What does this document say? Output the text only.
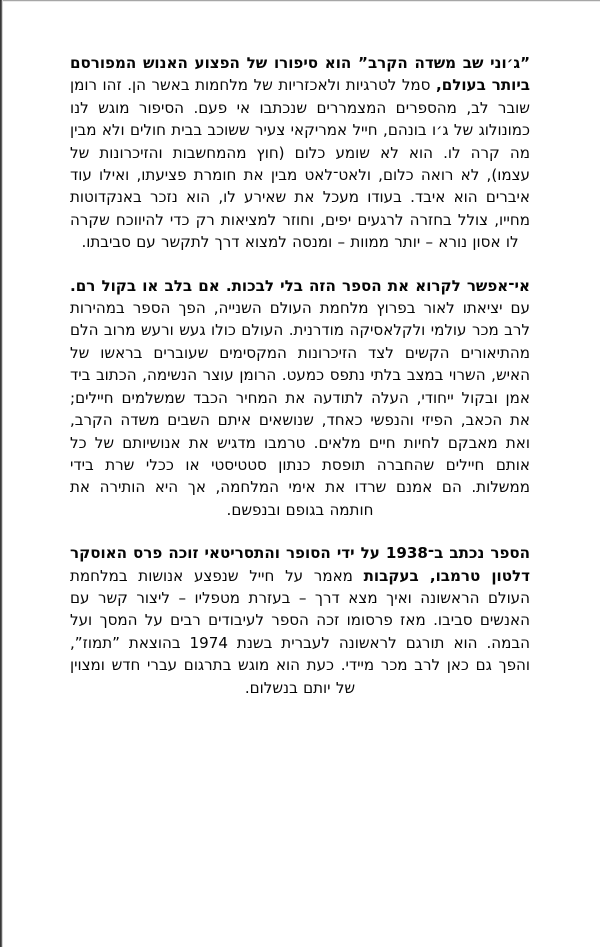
”ג׳וני שב משדה הקרב” הוא סיפורו של הפצוע האנוש המפורסם ביותר בעולם, סמל לטרגיות ולאכזריות של מלחמות באשר הן. זהו רומן שובר לב, מהספרים המצמררים שנכתבו אי פעם. הסיפור מוגש לנו כמונולוג של ג׳ו בונהם, חייל אמריקאי צעיר ששוכב בבית חולים ולא מבין מה קרה לו. הוא לא שומע כלום (חוץ מהמחשבות והזיכרונות של עצמו), לא רואה כלום, ולאט־לאט מבין את חומרת פציעתו, ואילו עוד איברים הוא איבד. בעודו מעכל את שאירע לו, הוא נזכר באנקדוטות מחייו, צולל בחזרה לרגעים יפים, וחוזר למציאות רק כדי להיווכח שקרה לו אסון נורא – יותר ממוות – ומנסה למצוא דרך לתקשר עם סביבתו.

אי־אפשר לקרוא את הספר הזה בלי לבכות. אם בלב או בקול רם. עם יציאתו לאור בפרוץ מלחמת העולם השנייה, הפך הספר במהירות לרב מכר עולמי ולקלאסיקה מודרנית. העולם כולו געש ורעש מרוב הלם מהתיאורים הקשים לצד הזיכרונות המקסימים שעוברים בראשו של האיש, השרוי במצב בלתי נתפס כמעט. הרומן עוצר הנשימה, הכתוב ביד אמן ובקול ייחודי, העלה לתודעה את המחיר הכבד שמשלמים חיילים; את הכאב, הפיזי והנפשי כאחד, שנושאים איתם השבים משדה הקרב, ואת מאבקם לחיות חיים מלאים. טרמבו מדגיש את אנושיותם של כל אותם חיילים שהחברה תופסת כנתון סטטיסטי או ככלי שרת בידי ממשלות. הם אמנם שרדו את אימי המלחמה, אך היא הותירה את חותמה בגופם ובנפשם.

הספר נכתב ב־1938 על ידי הסופר והתסריטאי זוכה פרס האוסקר דלטון טרמבו, בעקבות מאמר על חייל שנפצע אנושות במלחמת העולם הראשונה ואיך מצא דרך – בעזרת מטפליו – ליצור קשר עם האנשים סביבו. מאז פרסומו זכה הספר לעיבודים רבים על המסך ועל הבמה. הוא תורגם לראשונה לעברית בשנת 1974 בהוצאת ”תמוז”, והפך גם כאן לרב מכר מיידי. כעת הוא מוגש בתרגום עברי חדש ומצוין של יותם בנשלום.
